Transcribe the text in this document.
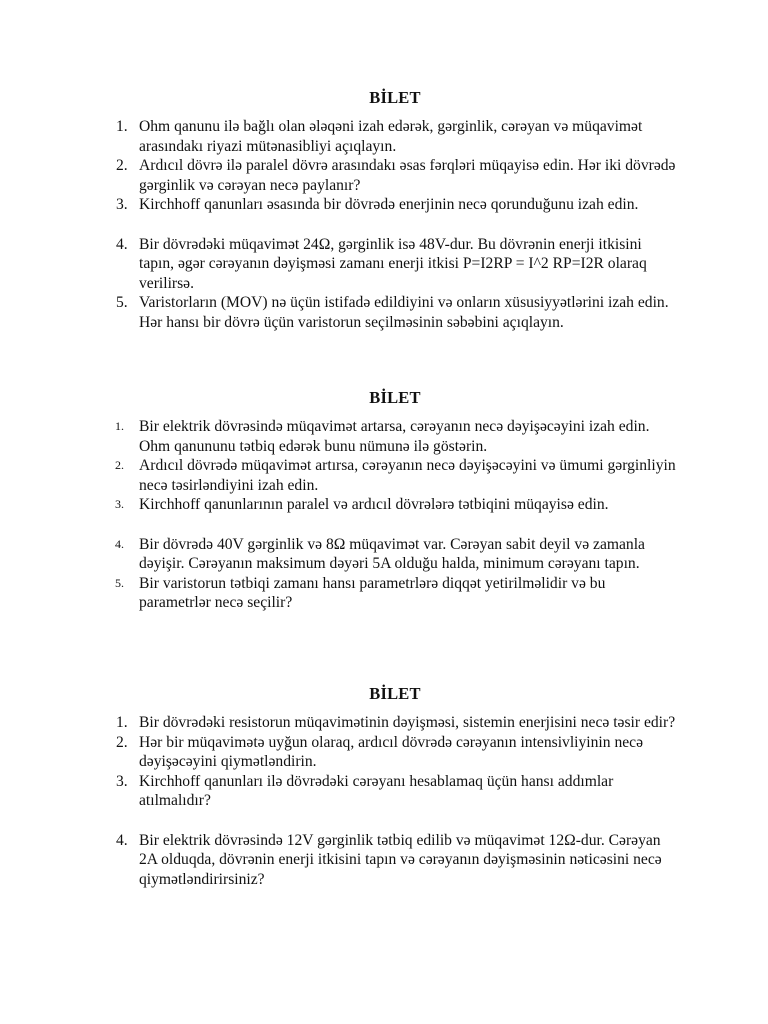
BİLET
1. Ohm qanunu ilə bağlı olan ələqəni izah edərək, gərginlik, cərəyan və müqavimət arasındakı riyazi mütənasibliyi açıqlayın.
2. Ardıcıl dövrə ilə paralel dövrə arasındakı əsas fərqləri müqayisə edin. Hər iki dövrədə gərginlik və cərəyan necə paylanır?
3. Kirchhoff qanunları əsasında bir dövrədə enerjinin necə qorunduğunu izah edin.
4. Bir dövrədəki müqavimət 24Ω, gərginlik isə 48V-dur. Bu dövrənin enerji itkisini tapın, əgər cərəyanın dəyişməsi zamanı enerji itkisi P=I2RP = I^2 RP=I2R olaraq verilirsə.
5. Varistorların (MOV) nə üçün istifadə edildiyini və onların xüsusiyyətlərini izah edin. Hər hansı bir dövrə üçün varistorun seçilməsinin səbəbini açıqlayın.
BİLET
1. Bir elektrik dövrəsində müqavimət artarsa, cərəyanın necə dəyişəcəyini izah edin. Ohm qanununu tətbiq edərək bunu nümunə ilə göstərin.
2. Ardıcıl dövrədə müqavimət artırsa, cərəyanın necə dəyişəcəyini və ümumi gərginliyin necə təsirləndiyini izah edin.
3. Kirchhoff qanunlarının paralel və ardıcıl dövrələrə tətbiqini müqayisə edin.
4. Bir dövrədə 40V gərginlik və 8Ω müqavimət var. Cərəyan sabit deyil və zamanla dəyişir. Cərəyanın maksimum dəyəri 5A olduğu halda, minimum cərəyanı tapın.
5. Bir varistorun tətbiqi zamanı hansı parametrlərə diqqət yetirilməlidir və bu parametrlər necə seçilir?
BİLET
1. Bir dövrədəki resistorun müqavimətinin dəyişməsi, sistemin enerjisini necə təsir edir?
2. Hər bir müqavimətə uyğun olaraq, ardıcıl dövrədə cərəyanın intensivliyinin necə dəyişəcəyini qiymətləndirin.
3. Kirchhoff qanunları ilə dövrədəki cərəyanı hesablamaq üçün hansı addımlar atılmalıdır?
4. Bir elektrik dövrəsində 12V gərginlik tətbiq edilib və müqavimət 12Ω-dur. Cərəyan 2A olduqda, dövrənin enerji itkisini tapın və cərəyanın dəyişməsinin nəticəsini necə qiymətləndirirsiniz?
